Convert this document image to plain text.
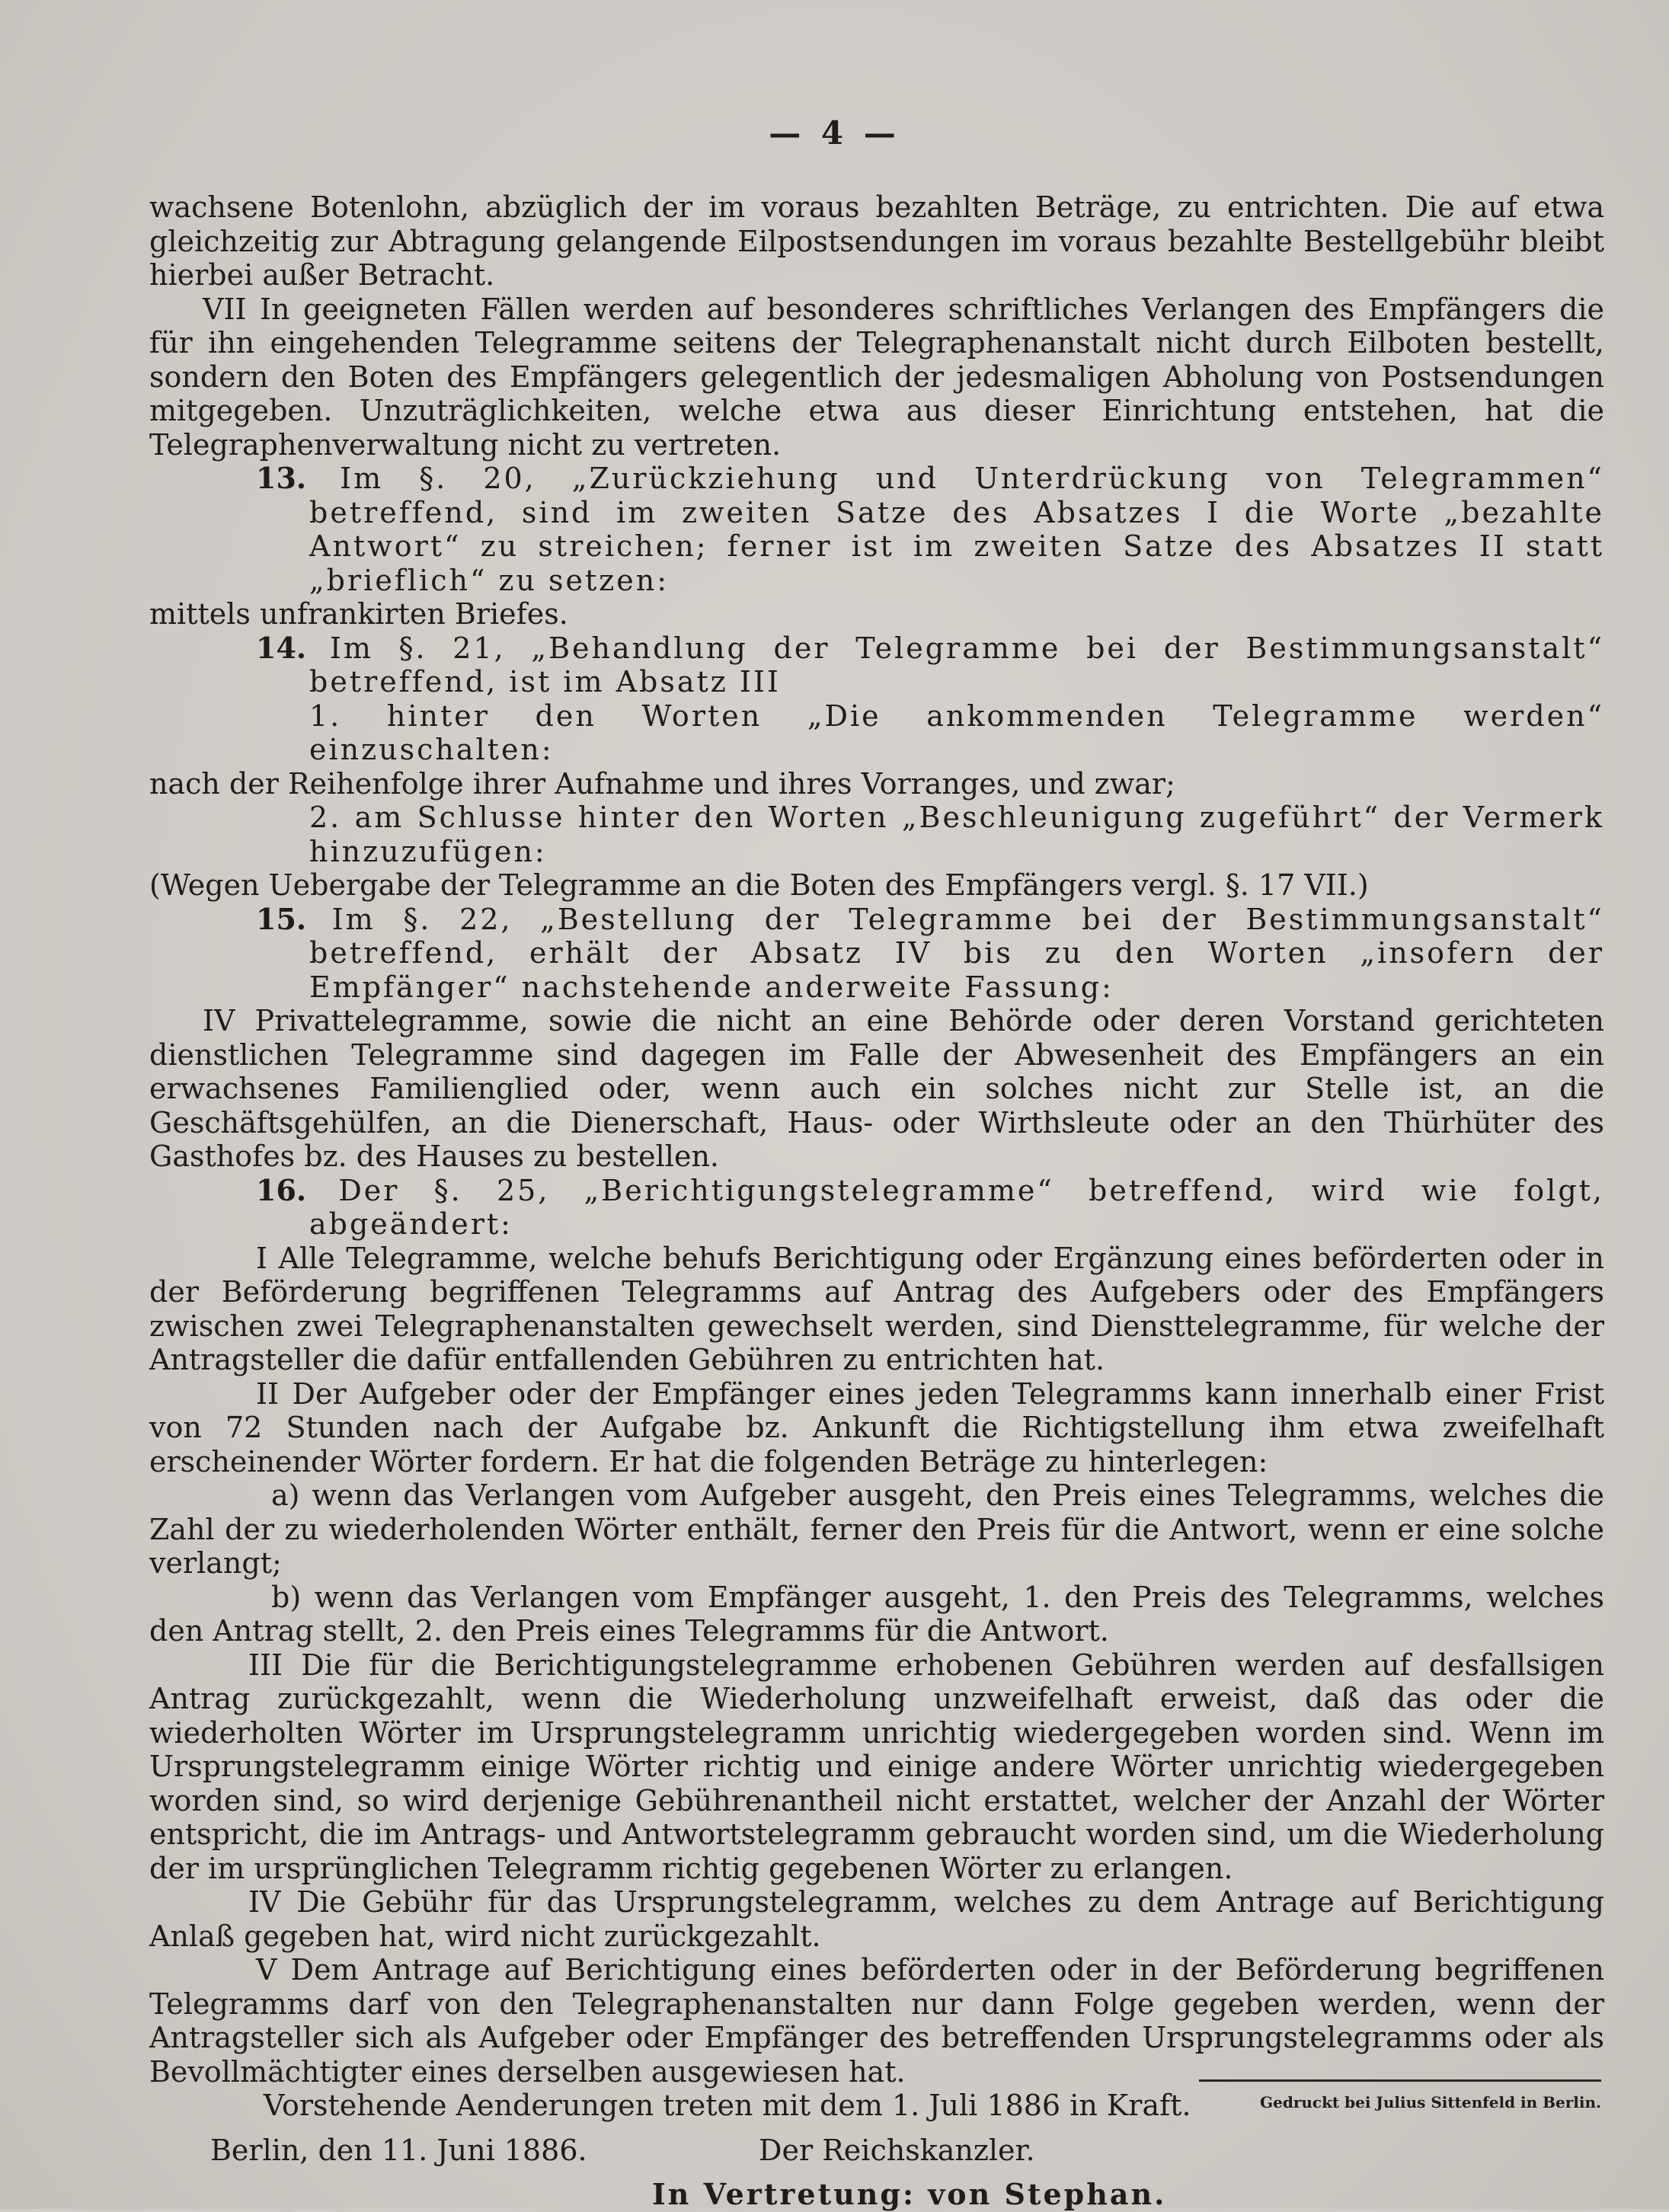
— 4 —

wachsene Botenlohn, abzüglich der im voraus bezahlten Beträge, zu entrichten. Die auf etwa gleichzeitig zur Abtragung gelangende Eilpostsendungen im voraus bezahlte Bestellgebühr bleibt hierbei außer Betracht.

VII In geeigneten Fällen werden auf besonderes schriftliches Verlangen des Empfängers die für ihn eingehenden Telegramme seitens der Telegraphenanstalt nicht durch Eilboten bestellt, sondern den Boten des Empfängers gelegentlich der jedesmaligen Abholung von Postsendungen mitgegeben. Unzuträglichkeiten, welche etwa aus dieser Einrichtung entstehen, hat die Telegraphenverwaltung nicht zu vertreten.

13. Im §. 20, „Zurückziehung und Unterdrückung von Telegrammen“ betreffend, sind im zweiten Satze des Absatzes I die Worte „bezahlte Antwort“ zu streichen; ferner ist im zweiten Satze des Absatzes II statt „brieflich“ zu setzen:

mittels unfrankirten Briefes.

14. Im §. 21, „Behandlung der Telegramme bei der Bestimmungsanstalt“ betreffend, ist im Absatz III

1. hinter den Worten „Die ankommenden Telegramme werden“ einzuschalten:

nach der Reihenfolge ihrer Aufnahme und ihres Vorranges, und zwar;

2. am Schlusse hinter den Worten „Beschleunigung zugeführt“ der Vermerk hinzuzufügen:

(Wegen Uebergabe der Telegramme an die Boten des Empfängers vergl. §. 17 VII.)

15. Im §. 22, „Bestellung der Telegramme bei der Bestimmungsanstalt“ betreffend, erhält der Absatz IV bis zu den Worten „insofern der Empfänger“ nachstehende anderweite Fassung:

IV Privattelegramme, sowie die nicht an eine Behörde oder deren Vorstand gerichteten dienstlichen Telegramme sind dagegen im Falle der Abwesenheit des Empfängers an ein erwachsenes Familienglied oder, wenn auch ein solches nicht zur Stelle ist, an die Geschäftsgehülfen, an die Dienerschaft, Haus- oder Wirthsleute oder an den Thürhüter des Gasthofes bz. des Hauses zu bestellen.

16. Der §. 25, „Berichtigungstelegramme“ betreffend, wird wie folgt, abgeändert:

I Alle Telegramme, welche behufs Berichtigung oder Ergänzung eines beförderten oder in der Beförderung begriffenen Telegramms auf Antrag des Aufgebers oder des Empfängers zwischen zwei Telegraphenanstalten gewechselt werden, sind Diensttelegramme, für welche der Antragsteller die dafür entfallenden Gebühren zu entrichten hat.

II Der Aufgeber oder der Empfänger eines jeden Telegramms kann innerhalb einer Frist von 72 Stunden nach der Aufgabe bz. Ankunft die Richtigstellung ihm etwa zweifelhaft erscheinender Wörter fordern. Er hat die folgenden Beträge zu hinterlegen:

a) wenn das Verlangen vom Aufgeber ausgeht, den Preis eines Telegramms, welches die Zahl der zu wiederholenden Wörter enthält, ferner den Preis für die Antwort, wenn er eine solche verlangt;

b) wenn das Verlangen vom Empfänger ausgeht, 1. den Preis des Telegramms, welches den Antrag stellt, 2. den Preis eines Telegramms für die Antwort.

III Die für die Berichtigungstelegramme erhobenen Gebühren werden auf desfallsigen Antrag zurückgezahlt, wenn die Wiederholung unzweifelhaft erweist, daß das oder die wiederholten Wörter im Ursprungstelegramm unrichtig wiedergegeben worden sind. Wenn im Ursprungstelegramm einige Wörter richtig und einige andere Wörter unrichtig wiedergegeben worden sind, so wird derjenige Gebührenantheil nicht erstattet, welcher der Anzahl der Wörter entspricht, die im Antrags- und Antwortstelegramm gebraucht worden sind, um die Wiederholung der im ursprünglichen Telegramm richtig gegebenen Wörter zu erlangen.

IV Die Gebühr für das Ursprungstelegramm, welches zu dem Antrage auf Berichtigung Anlaß gegeben hat, wird nicht zurückgezahlt.

V Dem Antrage auf Berichtigung eines beförderten oder in der Beförderung begriffenen Telegramms darf von den Telegraphenanstalten nur dann Folge gegeben werden, wenn der Antragsteller sich als Aufgeber oder Empfänger des betreffenden Ursprungstelegramms oder als Bevollmächtigter eines derselben ausgewiesen hat.

Vorstehende Aenderungen treten mit dem 1. Juli 1886 in Kraft.

Berlin, den 11. Juni 1886.	Der Reichskanzler.

In Vertretung: von Stephan.

Gedruckt bei Julius Sittenfeld in Berlin.
